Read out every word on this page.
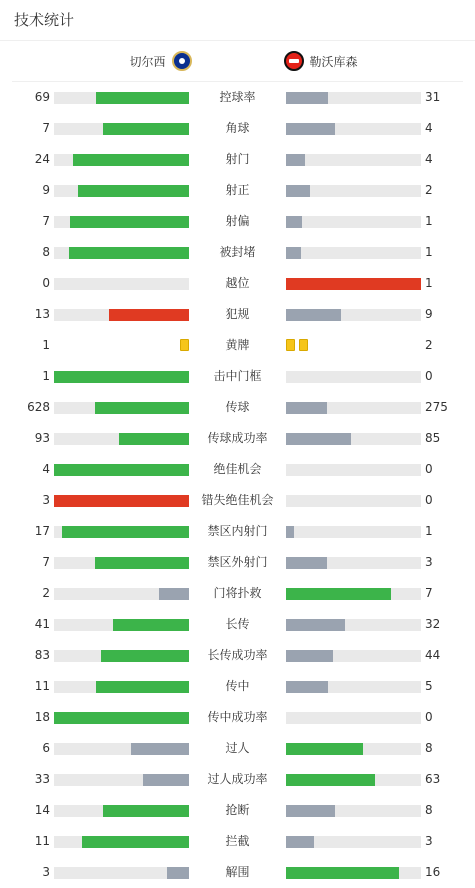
技术统计
切尔西	勒沃库森
69	控球率	31
7	角球	4
24	射门	4
9	射正	2
7	射偏	1
8	被封堵	1
0	越位	1
13	犯规	9
1	黄牌	2
1	击中门框	0
628	传球	275
93	传球成功率	85
4	绝佳机会	0
3	错失绝佳机会	0
17	禁区内射门	1
7	禁区外射门	3
2	门将扑救	7
41	长传	32
83	长传成功率	44
11	传中	5
18	传中成功率	0
6	过人	8
33	过人成功率	63
14	抢断	8
11	拦截	3
3	解围	16
